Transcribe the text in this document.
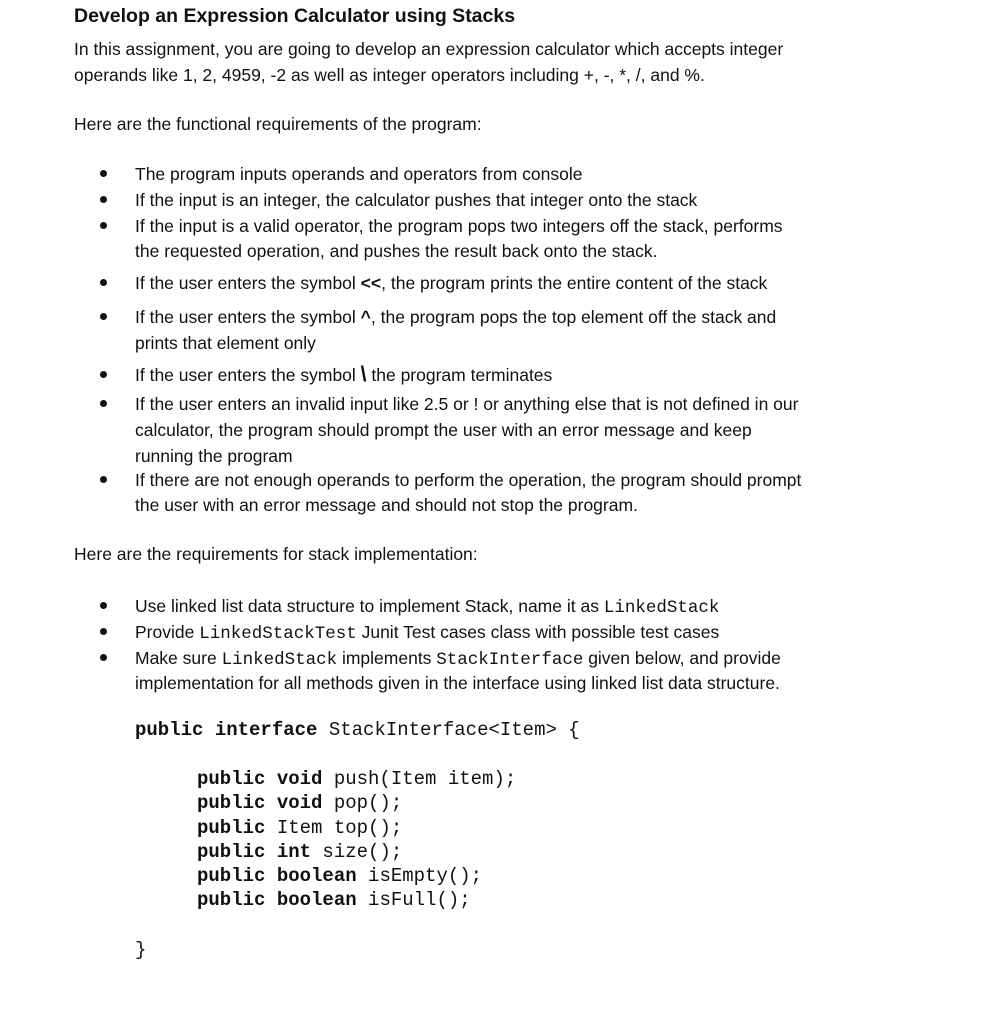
Develop an Expression Calculator using Stacks
In this assignment, you are going to develop an expression calculator which accepts integer
operands like 1, 2, 4959, -2 as well as integer operators including +, -, *, /, and %.
Here are the functional requirements of the program:
The program inputs operands and operators from console
If the input is an integer, the calculator pushes that integer onto the stack
If the input is a valid operator, the program pops two integers off the stack, performs
the requested operation, and pushes the result back onto the stack.
If the user enters the symbol <<, the program prints the entire content of the stack
If the user enters the symbol ^, the program pops the top element off the stack and
prints that element only
If the user enters the symbol \ the program terminates
If the user enters an invalid input like 2.5 or ! or anything else that is not defined in our
calculator, the program should prompt the user with an error message and keep
running the program
If there are not enough operands to perform the operation, the program should prompt
the user with an error message and should not stop the program.
Here are the requirements for stack implementation:
Use linked list data structure to implement Stack, name it as LinkedStack
Provide LinkedStackTest Junit Test cases class with possible test cases
Make sure LinkedStack implements StackInterface given below, and provide
implementation for all methods given in the interface using linked list data structure.
public interface StackInterface<Item> {
public void push(Item item);
public void pop();
public Item top();
public int size();
public boolean isEmpty();
public boolean isFull();
}
